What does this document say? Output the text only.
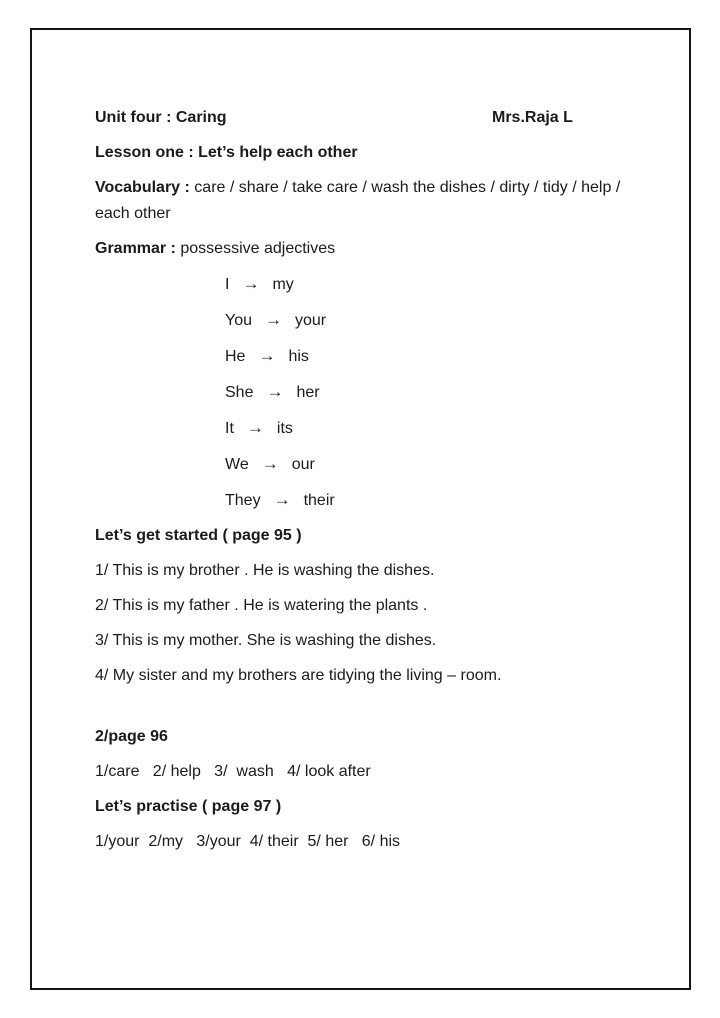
Unit four : Caring	Mrs.Raja L

Lesson one : Let’s help each other

Vocabulary : care / share / take care / wash the dishes / dirty / tidy / help / each other

Grammar : possessive adjectives

I → my
You → your
He → his
She → her
It → its
We → our
They → their

Let’s get started ( page 95 )

1/ This is my brother . He is washing the dishes.

2/ This is my father . He is watering the plants .

3/ This is my mother. She is washing the dishes.

4/ My sister and my brothers are tidying the living – room.

2/page 96

1/care   2/ help   3/  wash   4/ look after

Let’s practise ( page 97 )

1/your  2/my   3/your  4/ their  5/ her   6/ his
